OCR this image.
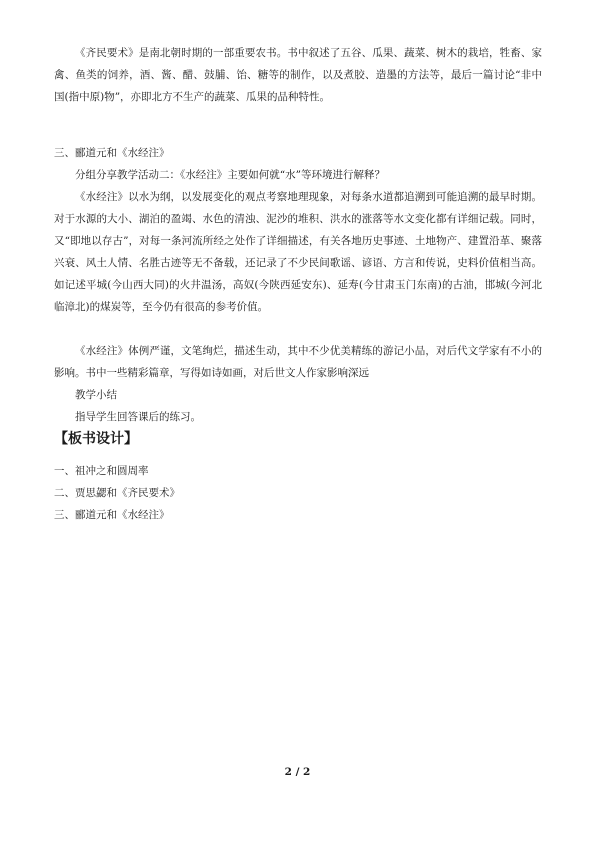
《齐民要术》是南北朝时期的一部重要农书。书中叙述了五谷、瓜果、蔬菜、树木的栽培，牲畜、家禽、鱼类的饲养，酒、酱、醋、鼓脯、饴、糖等的制作，以及煮胶、造墨的方法等，最后一篇讨论“非中国(指中原)物”，亦即北方不生产的蔬菜、瓜果的品种特性。

三、郦道元和《水经注》

分组分享教学活动二：《水经注》主要如何就“水”等环境进行解释？

《水经注》以水为纲，以发展变化的观点考察地理现象，对每条水道都追溯到可能追溯的最早时期。对于水源的大小、湖泊的盈竭、水色的清浊、泥沙的堆积、洪水的涨落等水文变化都有详细记载。同时，又“即地以存古”，对每一条河流所经之处作了详细描述，有关各地历史事迹、土地物产、建置沿革、聚落兴衰、风土人情、名胜古迹等无不备载，还记录了不少民间歌谣、谚语、方言和传说，史料价值相当高。如记述平城(今山西大同)的火井温汤，高奴(今陕西延安东)、延寿(今甘肃玉门东南)的古油，邯城(今河北临漳北)的煤炭等，至今仍有很高的参考价值。

《水经注》体例严谨，文笔绚烂，描述生动，其中不少优美精练的游记小品，对后代文学家有不小的影响。书中一些精彩篇章，写得如诗如画，对后世文人作家影响深远

教学小结

指导学生回答课后的练习。

【板书设计】

一、祖冲之和圆周率

二、贾思勰和《齐民要术》

三、郦道元和《水经注》

2 / 2
